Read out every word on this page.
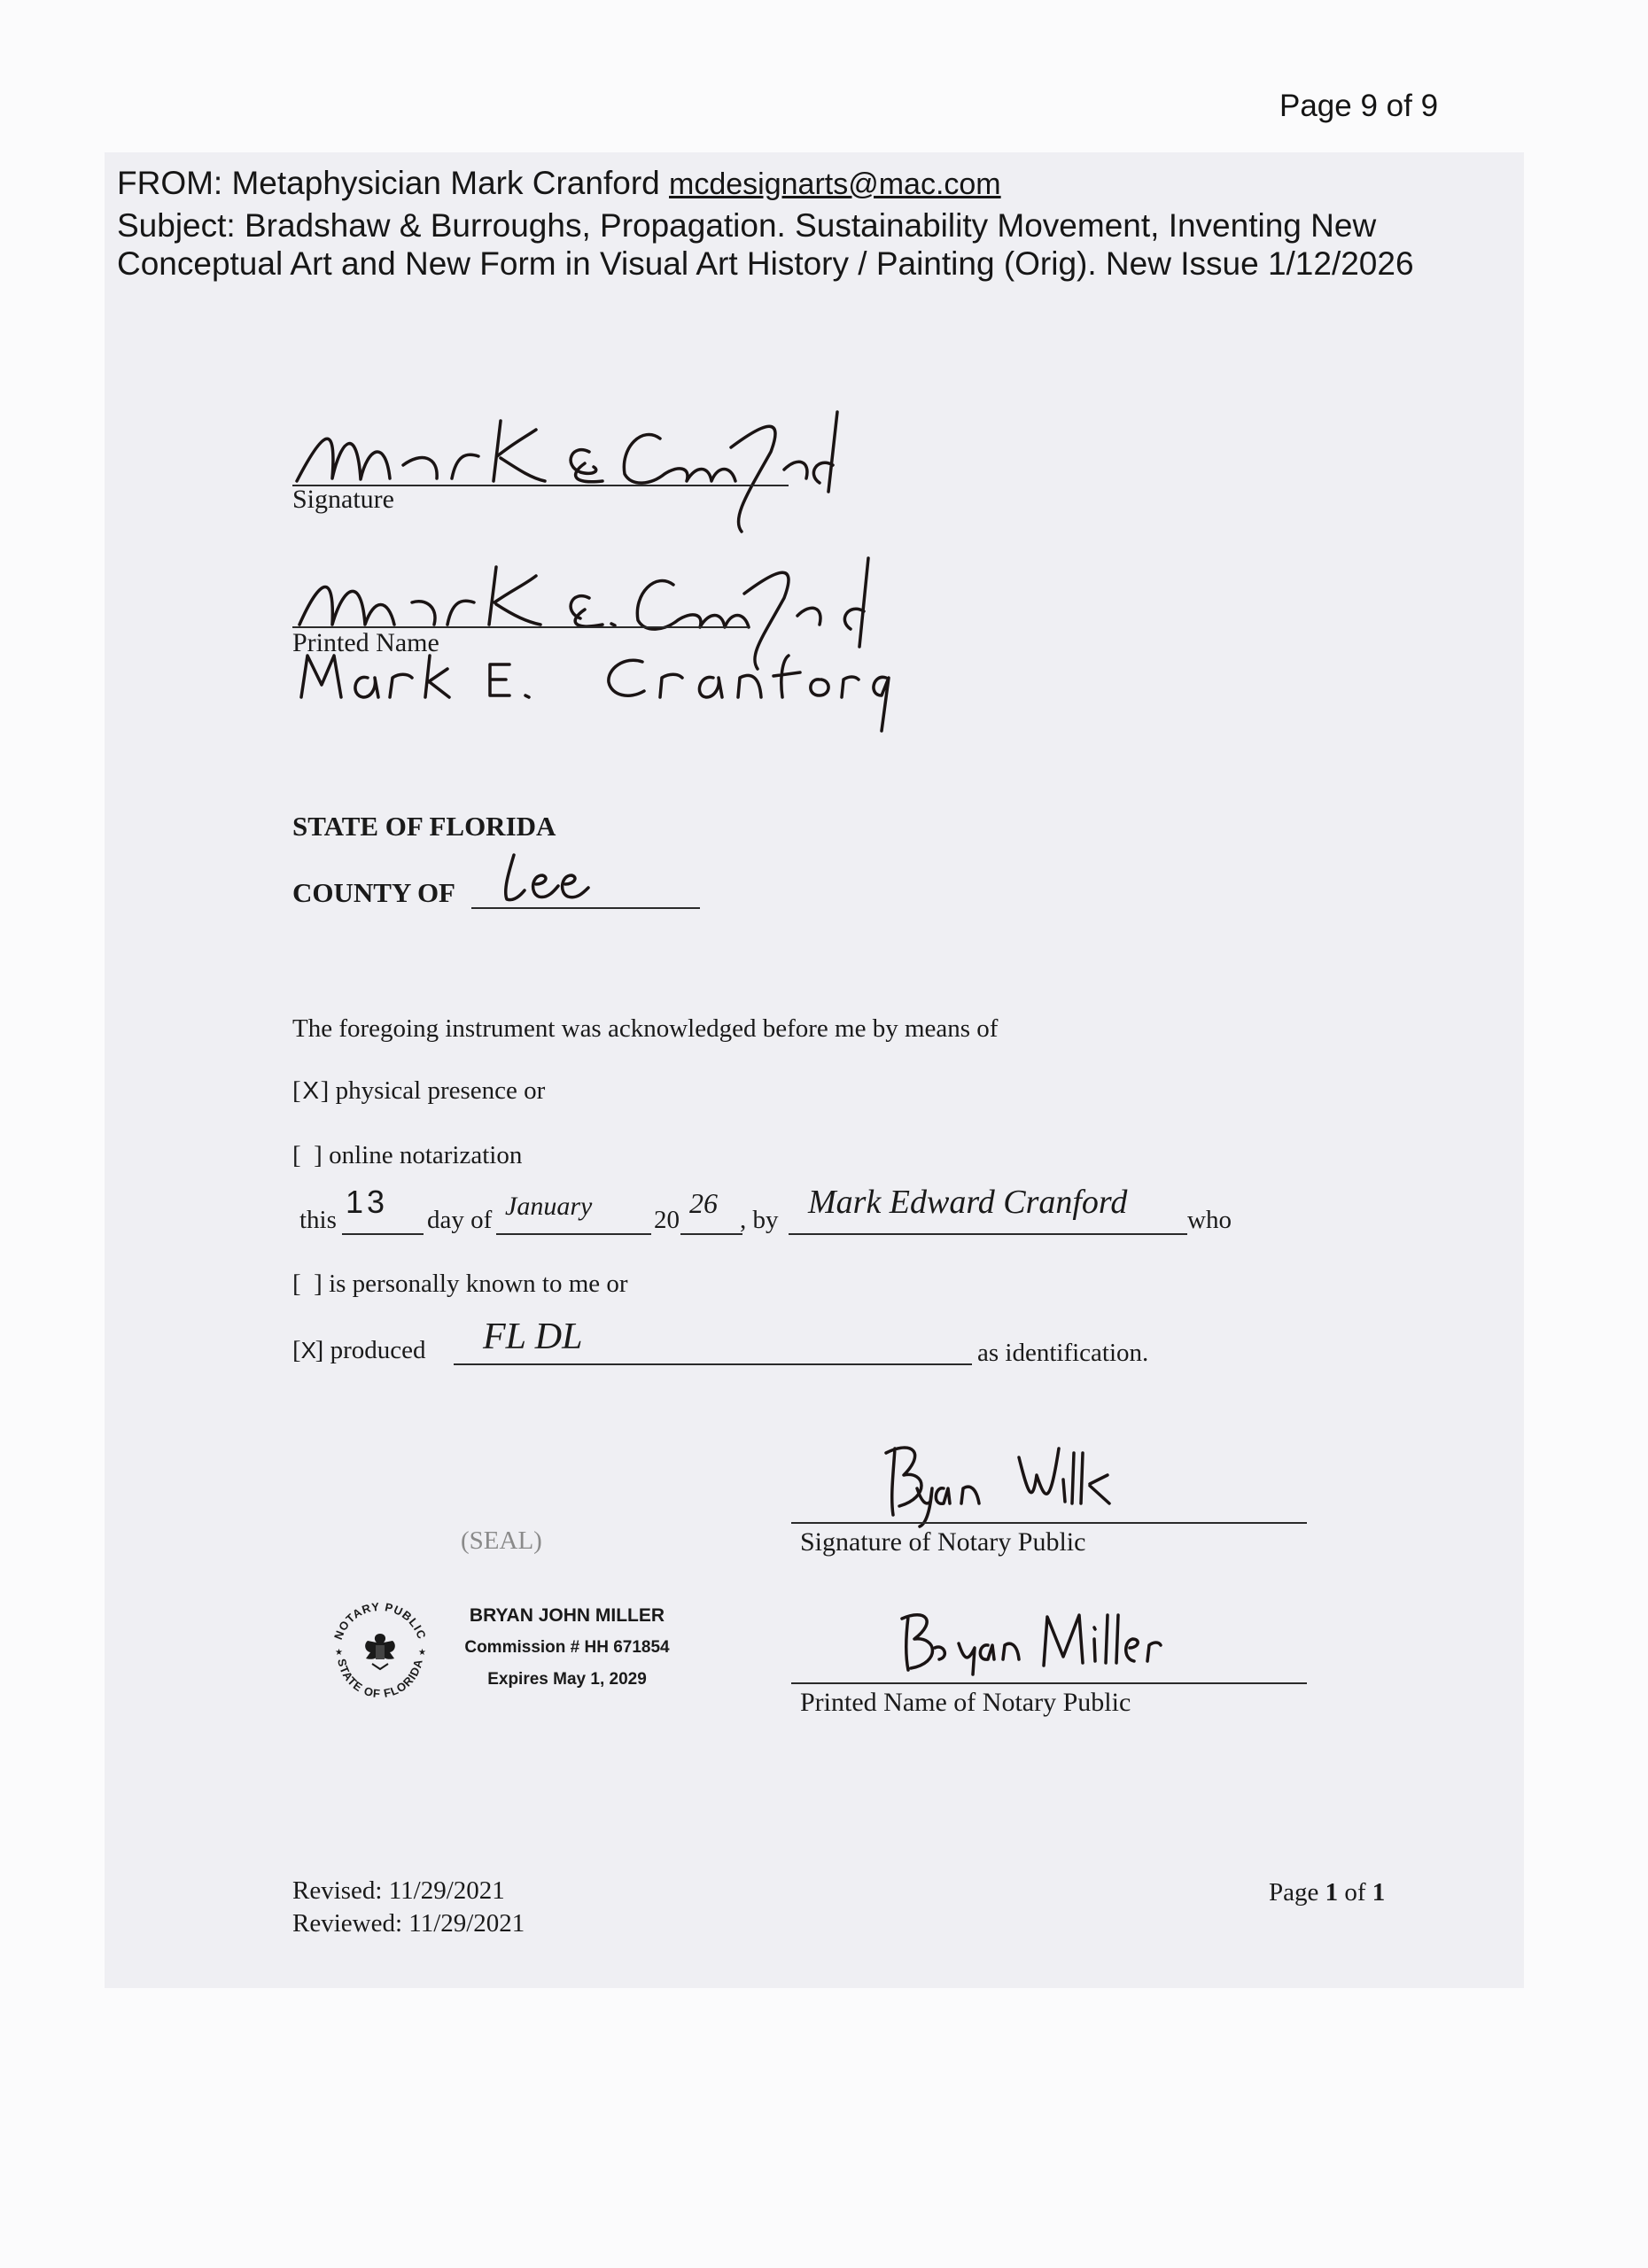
Page 9 of 9
FROM: Metaphysician Mark Cranford mcdesignarts@mac.com
Subject: Bradshaw & Burroughs, Propagation. Sustainability Movement, Inventing New
Conceptual Art and New Form in Visual Art History / Painting (Orig). New Issue 1/12/2026
Signature
Printed Name
STATE OF FLORIDA
COUNTY OF
The foregoing instrument was acknowledged before me by means of
[X] physical presence or
[  ] online notarization
this 13 day of January 20
26
, by Mark Edward Cranford who
[  ] is personally known to me or
[X] produced FL DL	as identification.
Signature of Notary Public
(SEAL)
NOTARY PUBLIC
STATE OF FLORIDA
★	★
BRYAN JOHN MILLER
Commission # HH 671854
Expires May 1, 2029
Printed Name of Notary Public
Revised: 11/29/2021
Reviewed: 11/29/2021
Page 1 of 1
